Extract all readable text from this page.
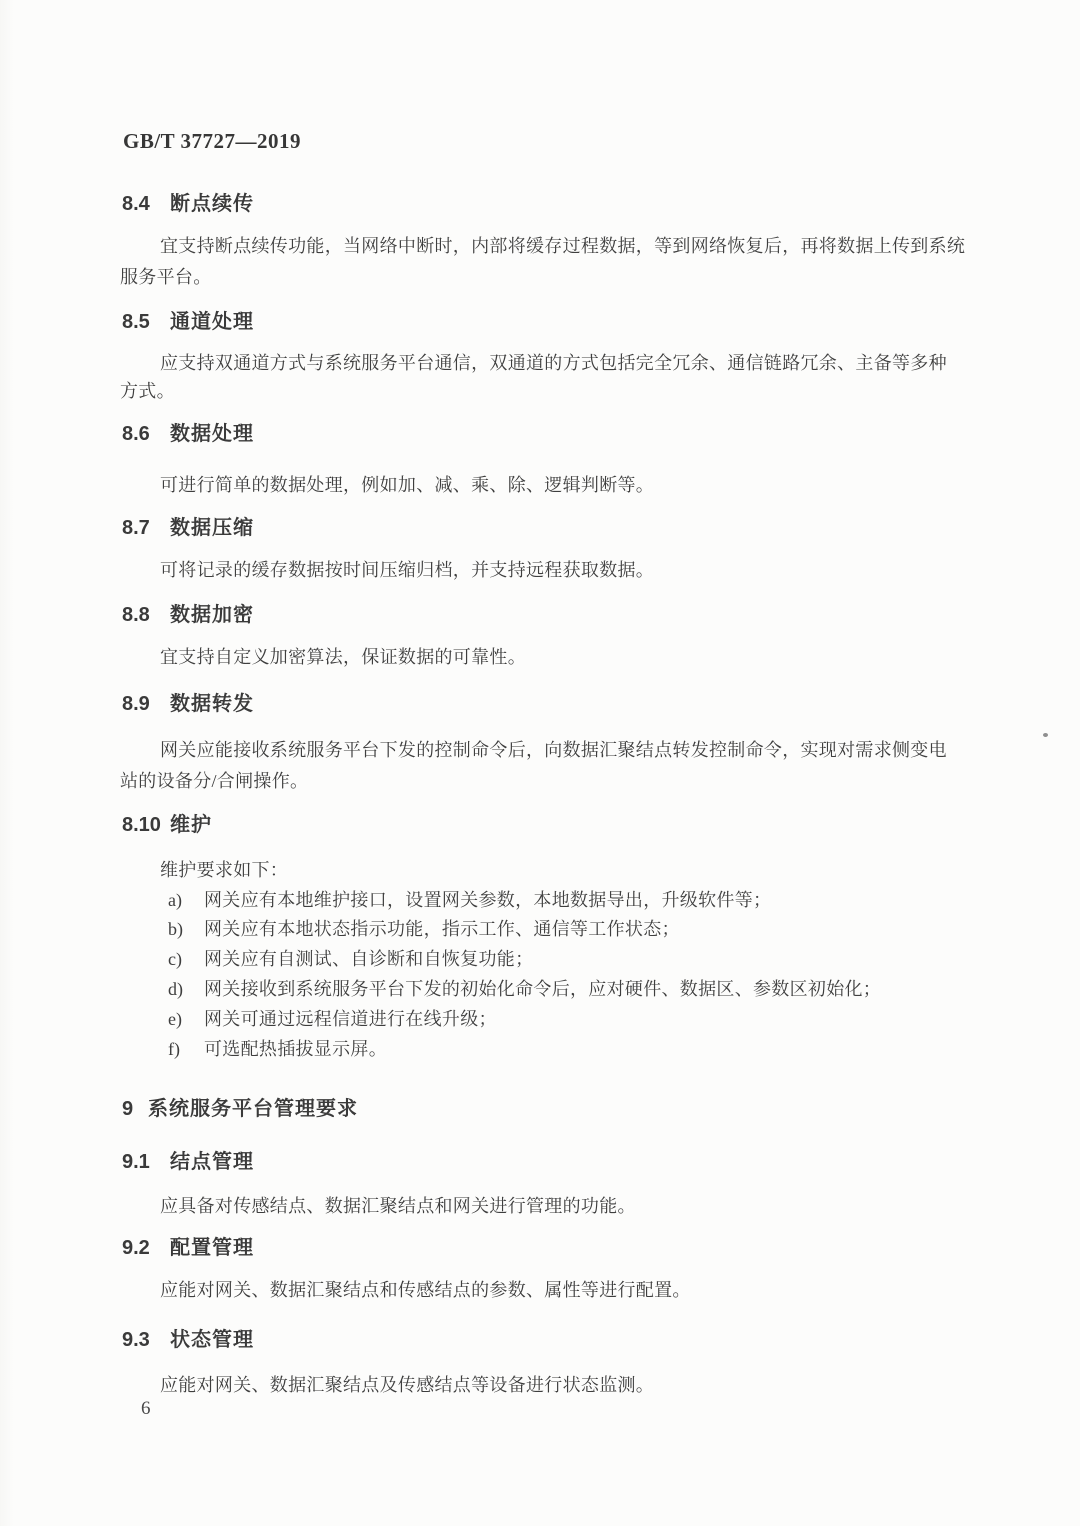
GB/T 37727—2019
8.4 断点续传
宜支持断点续传功能，当网络中断时，内部将缓存过程数据，等到网络恢复后，再将数据上传到系统
服务平台。
8.5 通道处理
应支持双通道方式与系统服务平台通信，双通道的方式包括完全冗余、通信链路冗余、主备等多种
方式。
8.6 数据处理
可进行简单的数据处理，例如加、减、乘、除、逻辑判断等。
8.7 数据压缩
可将记录的缓存数据按时间压缩归档，并支持远程获取数据。
8.8 数据加密
宜支持自定义加密算法，保证数据的可靠性。
8.9 数据转发
网关应能接收系统服务平台下发的控制命令后，向数据汇聚结点转发控制命令，实现对需求侧变电
站的设备分/合闸操作。
8.10 维护
维护要求如下：
a) 网关应有本地维护接口，设置网关参数，本地数据导出，升级软件等；
b) 网关应有本地状态指示功能，指示工作、通信等工作状态；
c) 网关应有自测试、自诊断和自恢复功能；
d) 网关接收到系统服务平台下发的初始化命令后，应对硬件、数据区、参数区初始化；
e) 网关可通过远程信道进行在线升级；
f) 可选配热插拔显示屏。
9 系统服务平台管理要求
9.1 结点管理
应具备对传感结点、数据汇聚结点和网关进行管理的功能。
9.2 配置管理
应能对网关、数据汇聚结点和传感结点的参数、属性等进行配置。
9.3 状态管理
应能对网关、数据汇聚结点及传感结点等设备进行状态监测。
6
